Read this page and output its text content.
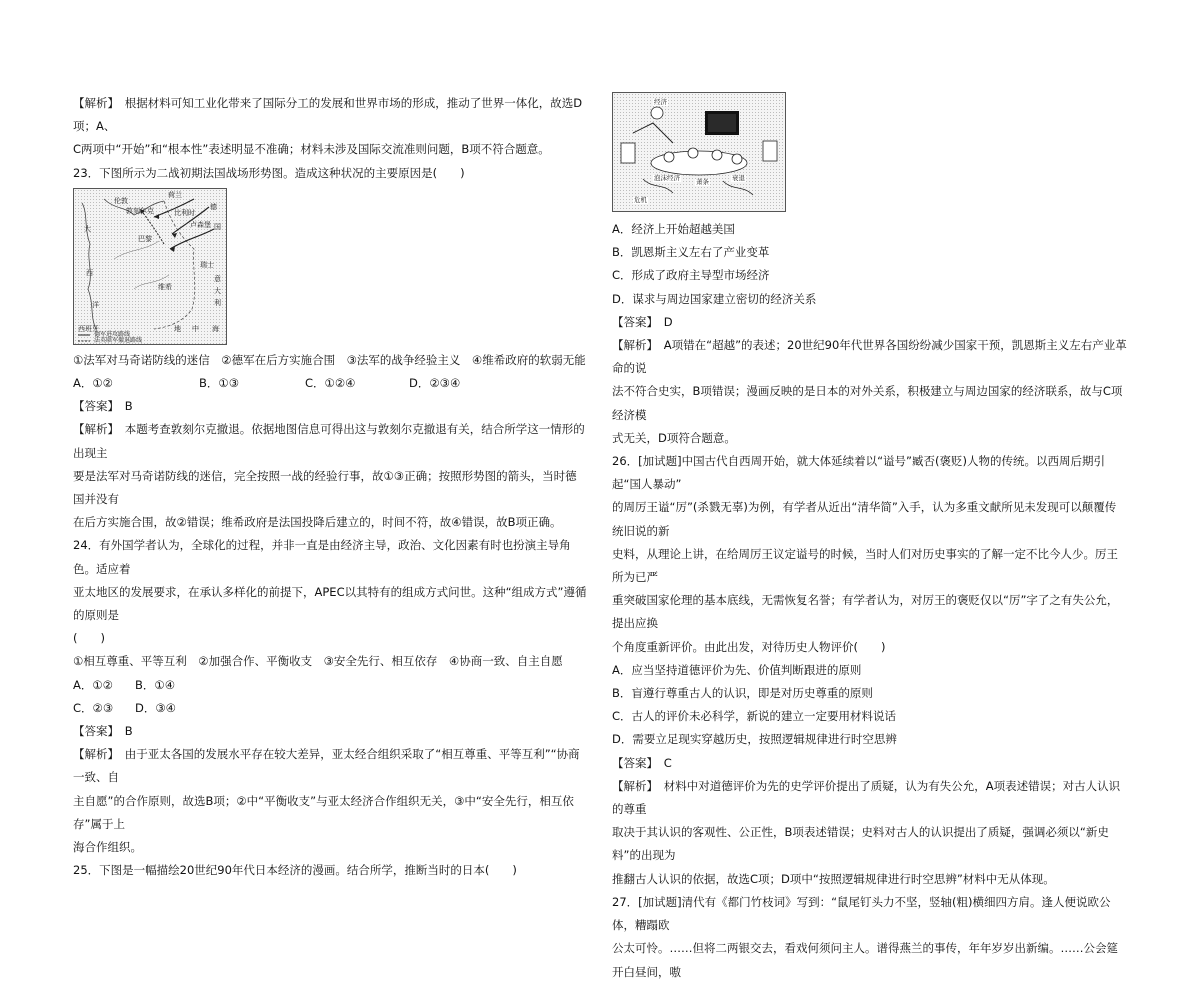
【解析】　根据材料可知工业化带来了国际分工的发展和世界市场的形成，推动了世界一体化，故选D项；A、

C两项中“开始”和“根本性”表述明显不准确；材料未涉及国际交流准则问题，B项不符合题意。

23．下图所示为二战初期法国战场形势图。造成这种状况的主要原因是(　　)

伦敦
荷兰
敦刻尔克	比利时
德
卢森堡 国
大
巴黎
瑞士
西
维希
意
大
利
洋
西班牙	地 中 海
德军进攻路线
法英联军撤退路线

①法军对马奇诺防线的迷信　②德军在后方实施合围　③法军的战争经验主义　④维希政府的软弱无能

A．①②	B．①③	C．①②④	D．②③④

【答案】　B

【解析】　本题考查敦刻尔克撤退。依据地图信息可得出这与敦刻尔克撤退有关，结合所学这一情形的出现主

要是法军对马奇诺防线的迷信，完全按照一战的经验行事，故①③正确；按照形势图的箭头，当时德国并没有

在后方实施合围，故②错误；维希政府是法国投降后建立的，时间不符，故④错误，故B项正确。

24．有外国学者认为，全球化的过程，并非一直是由经济主导，政治、文化因素有时也扮演主导角色。适应着

亚太地区的发展要求，在承认多样化的前提下，APEC以其特有的组成方式问世。这种“组成方式”遵循的原则是

(　　)

①相互尊重、平等互利　②加强合作、平衡收支　③安全先行、相互依存　④协商一致、自主自愿

A．①②	B．①④

C．②③	D．③④

【答案】　B

【解析】　由于亚太各国的发展水平存在较大差异，亚太经合组织采取了“相互尊重、平等互利”“协商一致、自

主自愿”的合作原则，故选B项；②中“平衡收支”与亚太经济合作组织无关，③中“安全先行，相互依存”属于上

海合作组织。

25．下图是一幅描绘20世纪90年代日本经济的漫画。结合所学，推断当时的日本(　　)

经济
泡沫经济 萧条
危机
衰退

A．经济上开始超越美国

B．凯恩斯主义左右了产业变革

C．形成了政府主导型市场经济

D．谋求与周边国家建立密切的经济关系

【答案】　D

【解析】　A项错在“超越”的表述；20世纪90年代世界各国纷纷减少国家干预，凯恩斯主义左右产业革命的说

法不符合史实，B项错误；漫画反映的是日本的对外关系，积极建立与周边国家的经济联系，故与C项经济模

式无关，D项符合题意。

26．[加试题]中国古代自西周开始，就大体延续着以“谥号”臧否(褒贬)人物的传统。以西周后期引起“国人暴动”

的周厉王谥“厉”(杀戮无辜)为例，有学者从近出“清华简”入手，认为多重文献所见未发现可以颠覆传统旧说的新

史料，从理论上讲，在给周厉王议定谥号的时候，当时人们对历史事实的了解一定不比今人少。厉王所为已严

重突破国家伦理的基本底线，无需恢复名誉；有学者认为，对厉王的褒贬仅以“厉”字了之有失公允，提出应换

个角度重新评价。由此出发，对待历史人物评价(　　)

A．应当坚持道德评价为先、价值判断跟进的原则

B．盲遵行尊重古人的认识，即是对历史尊重的原则

C．古人的评价未必科学，新说的建立一定要用材料说话

D．需要立足现实穿越历史，按照逻辑规律进行时空思辨

【答案】　C

【解析】　材料中对道德评价为先的史学评价提出了质疑，认为有失公允，A项表述错误；对古人认识的尊重

取决于其认识的客观性、公正性，B项表述错误；史料对古人的认识提出了质疑，强调必须以“新史料”的出现为

推翻古人认识的依据，故选C项；D项中“按照逻辑规律进行时空思辨”材料中无从体现。

27．[加试题]清代有《都门竹枝词》写到：“鼠尾钉头力不坚，竖轴(粗)横细四方肩。逢人便说欧公体，糟蹋欧

公太可怜。……但将二两银交去，看戏何须问主人。谱得燕兰的事传，年年岁岁出新编。……公会筵开白昼间，嗷
